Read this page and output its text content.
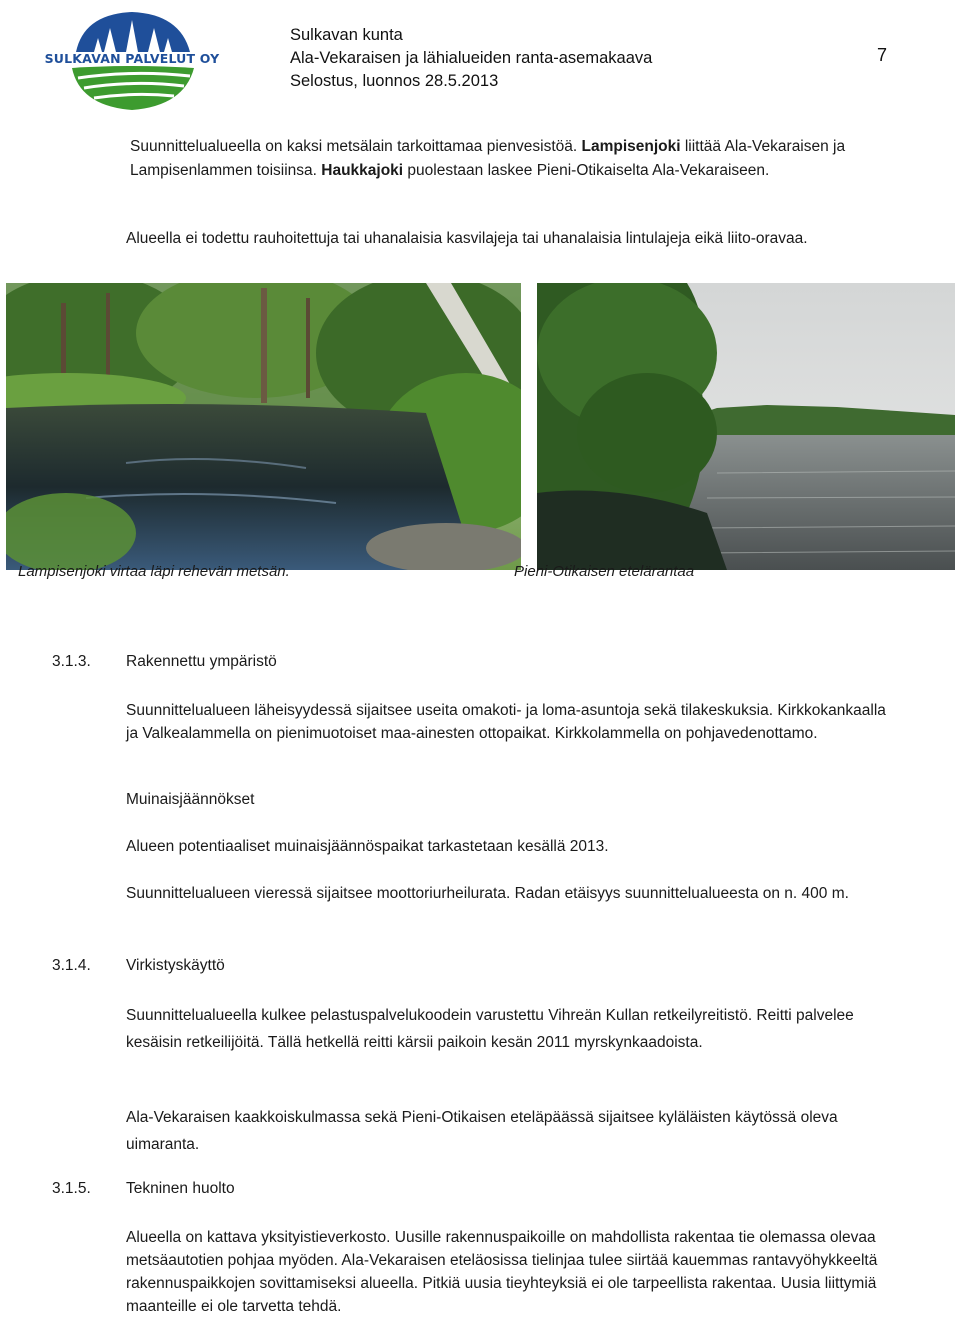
SULKAVAN PALVELUT OY
Sulkavan kunta
Ala-Vekaraisen ja lähialueiden ranta-asemakaava
Selostus, luonnos 28.5.2013
7
Suunnittelualueella on kaksi metsälain tarkoittamaa pienvesistöä. Lampisenjoki liittää Ala-Vekaraisen ja Lampisenlammen toisiinsa. Haukkajoki puolestaan laskee Pieni-Otikaiselta Ala-Vekaraiseen.
Alueella ei todettu rauhoitettuja tai uhanalaisia kasvilajeja tai uhanalaisia lintulajeja eikä liito-oravaa.
Lampisenjoki virtaa läpi rehevän metsän.	Pieni-Otikaisen etelärantaa
3.1.3. Rakennettu ympäristö
Suunnittelualueen läheisyydessä sijaitsee useita omakoti- ja loma-asuntoja sekä tilakeskuksia. Kirkkokankaalla ja Valkealammella on pienimuotoiset maa-ainesten ottopaikat. Kirkkolammella on pohjavedenottamo.
Muinaisjäännökset
Alueen potentiaaliset muinaisjäännöspaikat tarkastetaan kesällä 2013.
Suunnittelualueen vieressä sijaitsee moottoriurheilurata. Radan etäisyys suunnittelualueesta on n. 400 m.
3.1.4. Virkistyskäyttö
Suunnittelualueella kulkee pelastuspalvelukoodein varustettu Vihreän Kullan retkeilyreitistö. Reitti palvelee kesäisin retkeilijöitä. Tällä hetkellä reitti kärsii paikoin kesän 2011 myrskynkaadoista.
Ala-Vekaraisen kaakkoiskulmassa sekä Pieni-Otikaisen eteläpäässä sijaitsee kyläläisten käytössä oleva uimaranta.
3.1.5. Tekninen huolto
Alueella on kattava yksityistieverkosto. Uusille rakennuspaikoille on mahdollista rakentaa tie olemassa olevaa metsäautotien pohjaa myöden. Ala-Vekaraisen eteläosissa tielinjaa tulee siirtää kauemmas rantavyöhykkeeltä rakennuspaikkojen sovittamiseksi alueella. Pitkiä uusia tieyhteyksiä ei ole tarpeellista rakentaa. Uusia liittymiä maanteille ei ole tarvetta tehdä.
